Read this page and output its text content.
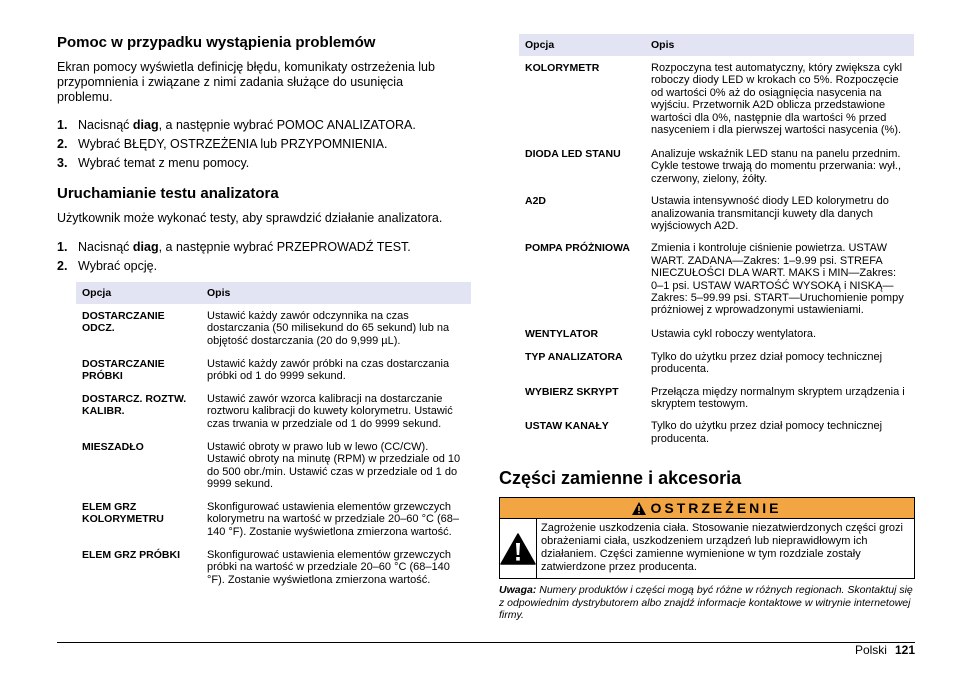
Pomoc w przypadku wystąpienia problemów
Ekran pomocy wyświetla definicję błędu, komunikaty ostrzeżenia lub przypomnienia i związane z nimi zadania służące do usunięcia problemu.
1. Nacisnąć diag, a następnie wybrać POMOC ANALIZATORA.
2. Wybrać BŁĘDY, OSTRZEŻENIA lub PRZYPOMNIENIA.
3. Wybrać temat z menu pomocy.
Uruchamianie testu analizatora
Użytkownik może wykonać testy, aby sprawdzić działanie analizatora.
1. Nacisnąć diag, a następnie wybrać PRZEPROWADŹ TEST.
2. Wybrać opcję.
Opcja	Opis
DOSTARCZANIE ODCZ.	Ustawić każdy zawór odczynnika na czas dostarczania (50 milisekund do 65 sekund) lub na objętość dostarczania (20 do 9,999 µL).
DOSTARCZANIE PRÓBKI	Ustawić każdy zawór próbki na czas dostarczania próbki od 1 do 9999 sekund.
DOSTARCZ. ROZTW. KALIBR.	Ustawić zawór wzorca kalibracji na dostarczanie roztworu kalibracji do kuwety kolorymetru. Ustawić czas trwania w przedziale od 1 do 9999 sekund.
MIESZADŁO	Ustawić obroty w prawo lub w lewo (CC/CW). Ustawić obroty na minutę (RPM) w przedziale od 10 do 500 obr./min. Ustawić czas w przedziale od 1 do 9999 sekund.
ELEM GRZ KOLORYMETRU	Skonfigurować ustawienia elementów grzewczych kolorymetru na wartość w przedziale 20–60 °C (68–140 °F). Zostanie wyświetlona zmierzona wartość.
ELEM GRZ PRÓBKI	Skonfigurować ustawienia elementów grzewczych próbki na wartość w przedziale 20–60 °C (68–140 °F). Zostanie wyświetlona zmierzona wartość.
Opcja	Opis
KOLORYMETR	Rozpoczyna test automatyczny, który zwiększa cykl roboczy diody LED w krokach co 5%. Rozpoczęcie od wartości 0% aż do osiągnięcia nasycenia na wyjściu. Przetwornik A2D oblicza przedstawione wartości dla 0%, następnie dla wartości % przed nasyceniem i dla pierwszej wartości nasycenia (%).
DIODA LED STANU	Analizuje wskaźnik LED stanu na panelu przednim. Cykle testowe trwają do momentu przerwania: wył., czerwony, zielony, żółty.
A2D	Ustawia intensywność diody LED kolorymetru do analizowania transmitancji kuwety dla danych wyjściowych A2D.
POMPA PRÓŻNIOWA	Zmienia i kontroluje ciśnienie powietrza. USTAW WART. ZADANA—Zakres: 1–9.99 psi. STREFA NIECZUŁOŚCI DLA WART. MAKS i MIN—Zakres: 0–1 psi. USTAW WARTOŚĆ WYSOKĄ i NISKĄ—Zakres: 5–99.99 psi. START—Uruchomienie pompy próżniowej z wprowadzonymi ustawieniami.
WENTYLATOR	Ustawia cykl roboczy wentylatora.
TYP ANALIZATORA	Tylko do użytku przez dział pomocy technicznej producenta.
WYBIERZ SKRYPT	Przełącza między normalnym skryptem urządzenia i skryptem testowym.
USTAW KANAŁY	Tylko do użytku przez dział pomocy technicznej producenta.
Części zamienne i akcesoria
OSTRZEŻENIE
Zagrożenie uszkodzenia ciała. Stosowanie niezatwierdzonych części grozi obrażeniami ciała, uszkodzeniem urządzeń lub nieprawidłowym ich działaniem. Części zamienne wymienione w tym rozdziale zostały zatwierdzone przez producenta.
Uwaga: Numery produktów i części mogą być różne w różnych regionach. Skontaktuj się z odpowiednim dystrybutorem albo znajdź informacje kontaktowe w witrynie internetowej firmy.
Polski 121
